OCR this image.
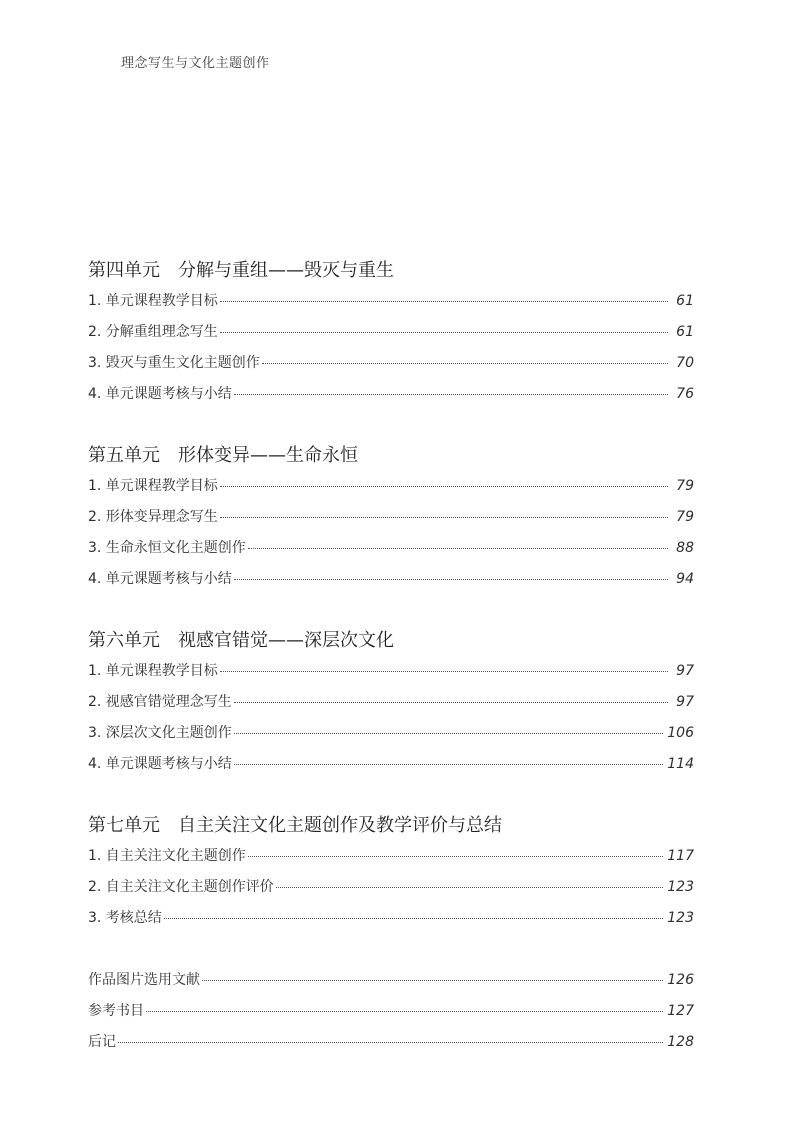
理念写生与文化主题创作
第四单元 分解与重组——毁灭与重生
1. 单元课程教学目标	61
2. 分解重组理念写生	61
3. 毁灭与重生文化主题创作	70
4. 单元课题考核与小结	76
第五单元 形体变异——生命永恒
1. 单元课程教学目标	79
2. 形体变异理念写生	79
3. 生命永恒文化主题创作	88
4. 单元课题考核与小结	94
第六单元 视感官错觉——深层次文化
1. 单元课程教学目标	97
2. 视感官错觉理念写生	97
3. 深层次文化主题创作	106
4. 单元课题考核与小结	114
第七单元 自主关注文化主题创作及教学评价与总结
1. 自主关注文化主题创作	117
2. 自主关注文化主题创作评价	123
3. 考核总结	123
作品图片选用文献	126
参考书目	127
后记	128
